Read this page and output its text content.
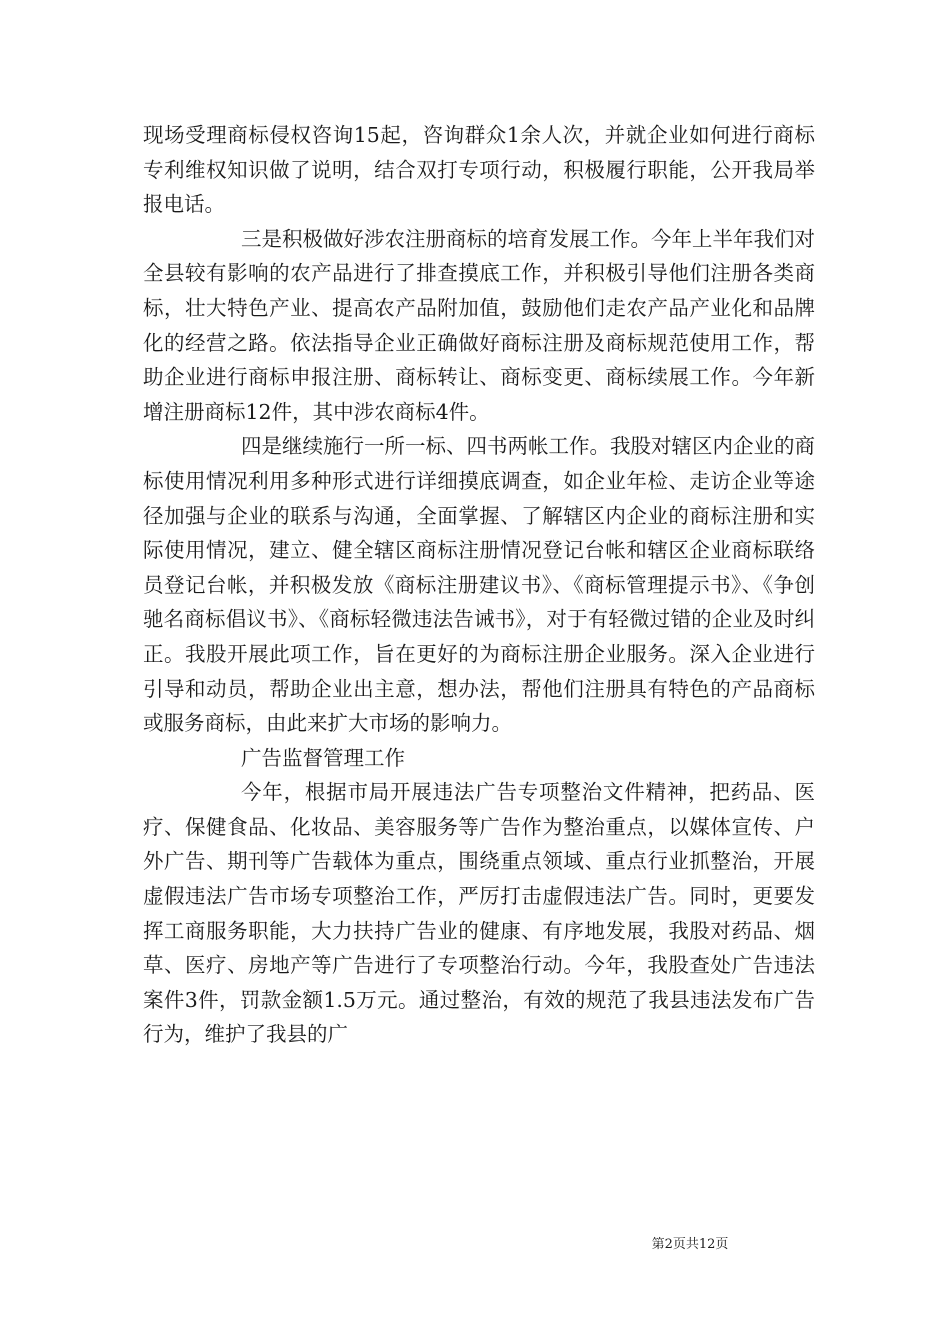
现场受理商标侵权咨询15起，咨询群众1余人次，并就企业如何进行商标专利维权知识做了说明，结合双打专项行动，积极履行职能，公开我局举报电话。

三是积极做好涉农注册商标的培育发展工作。今年上半年我们对全县较有影响的农产品进行了排查摸底工作，并积极引导他们注册各类商标，壮大特色产业、提高农产品附加值，鼓励他们走农产品产业化和品牌化的经营之路。依法指导企业正确做好商标注册及商标规范使用工作，帮助企业进行商标申报注册、商标转让、商标变更、商标续展工作。今年新增注册商标12件，其中涉农商标4件。

四是继续施行一所一标、四书两帐工作。我股对辖区内企业的商标使用情况利用多种形式进行详细摸底调查，如企业年检、走访企业等途径加强与企业的联系与沟通，全面掌握、了解辖区内企业的商标注册和实际使用情况，建立、健全辖区商标注册情况登记台帐和辖区企业商标联络员登记台帐，并积极发放《商标注册建议书》、《商标管理提示书》、《争创驰名商标倡议书》、《商标轻微违法告诫书》，对于有轻微过错的企业及时纠正。我股开展此项工作，旨在更好的为商标注册企业服务。深入企业进行引导和动员，帮助企业出主意，想办法，帮他们注册具有特色的产品商标或服务商标，由此来扩大市场的影响力。

广告监督管理工作

今年，根据市局开展违法广告专项整治文件精神，把药品、医疗、保健食品、化妆品、美容服务等广告作为整治重点，以媒体宣传、户外广告、期刊等广告载体为重点，围绕重点领域、重点行业抓整治，开展虚假违法广告市场专项整治工作，严厉打击虚假违法广告。同时，更要发挥工商服务职能，大力扶持广告业的健康、有序地发展，我股对药品、烟草、医疗、房地产等广告进行了专项整治行动。今年，我股查处广告违法案件3件，罚款金额1.5万元。通过整治，有效的规范了我县违法发布广告行为，维护了我县的广

第2页共12页
